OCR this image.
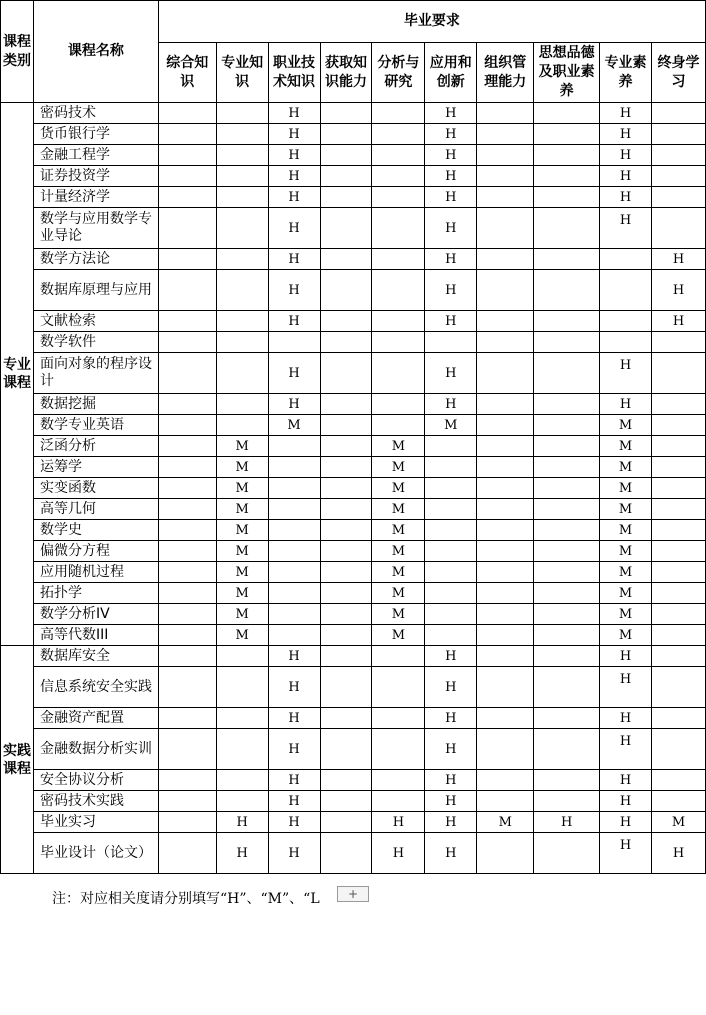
课程类别	课程名称	毕业要求									
		综合知识	专业知识	职业技术知识	获取知识能力	分析与研究	应用和创新	组织管理能力	思想品德及职业素养	专业素养	终身学习
专业课程	密码技术			H			H			H	
	货币银行学			H			H			H	
	金融工程学			H			H			H	
	证券投资学			H			H			H	
	计量经济学			H			H			H	
	数学与应用数学专业导论			H			H			H	
	数学方法论			H			H				H
	数据库原理与应用			H			H				H
	文献检索			H			H				H
	数学软件										
	面向对象的程序设计			H			H			H	
	数据挖掘			H			H			H	
	数学专业英语			M			M			M	
	泛函分析		M			M				M	
	运筹学		M			M				M	
	实变函数		M			M				M	
	高等几何		M			M				M	
	数学史		M			M				M	
	偏微分方程		M			M				M	
	应用随机过程		M			M				M	
	拓扑学		M			M				M	
	数学分析IV		M			M				M	
	高等代数III		M			M				M	
实践课程	数据库安全			H			H			H	
	信息系统安全实践			H			H			H	
	金融资产配置			H			H			H	
	金融数据分析实训			H			H			H	
	安全协议分析			H			H			H	
	密码技术实践			H			H			H	
	毕业实习		H	H		H	H	M	H	H	M
	毕业设计（论文）		H	H		H	H			H	H
注：对应相关度请分别填写“H”、“M”、“L	+
